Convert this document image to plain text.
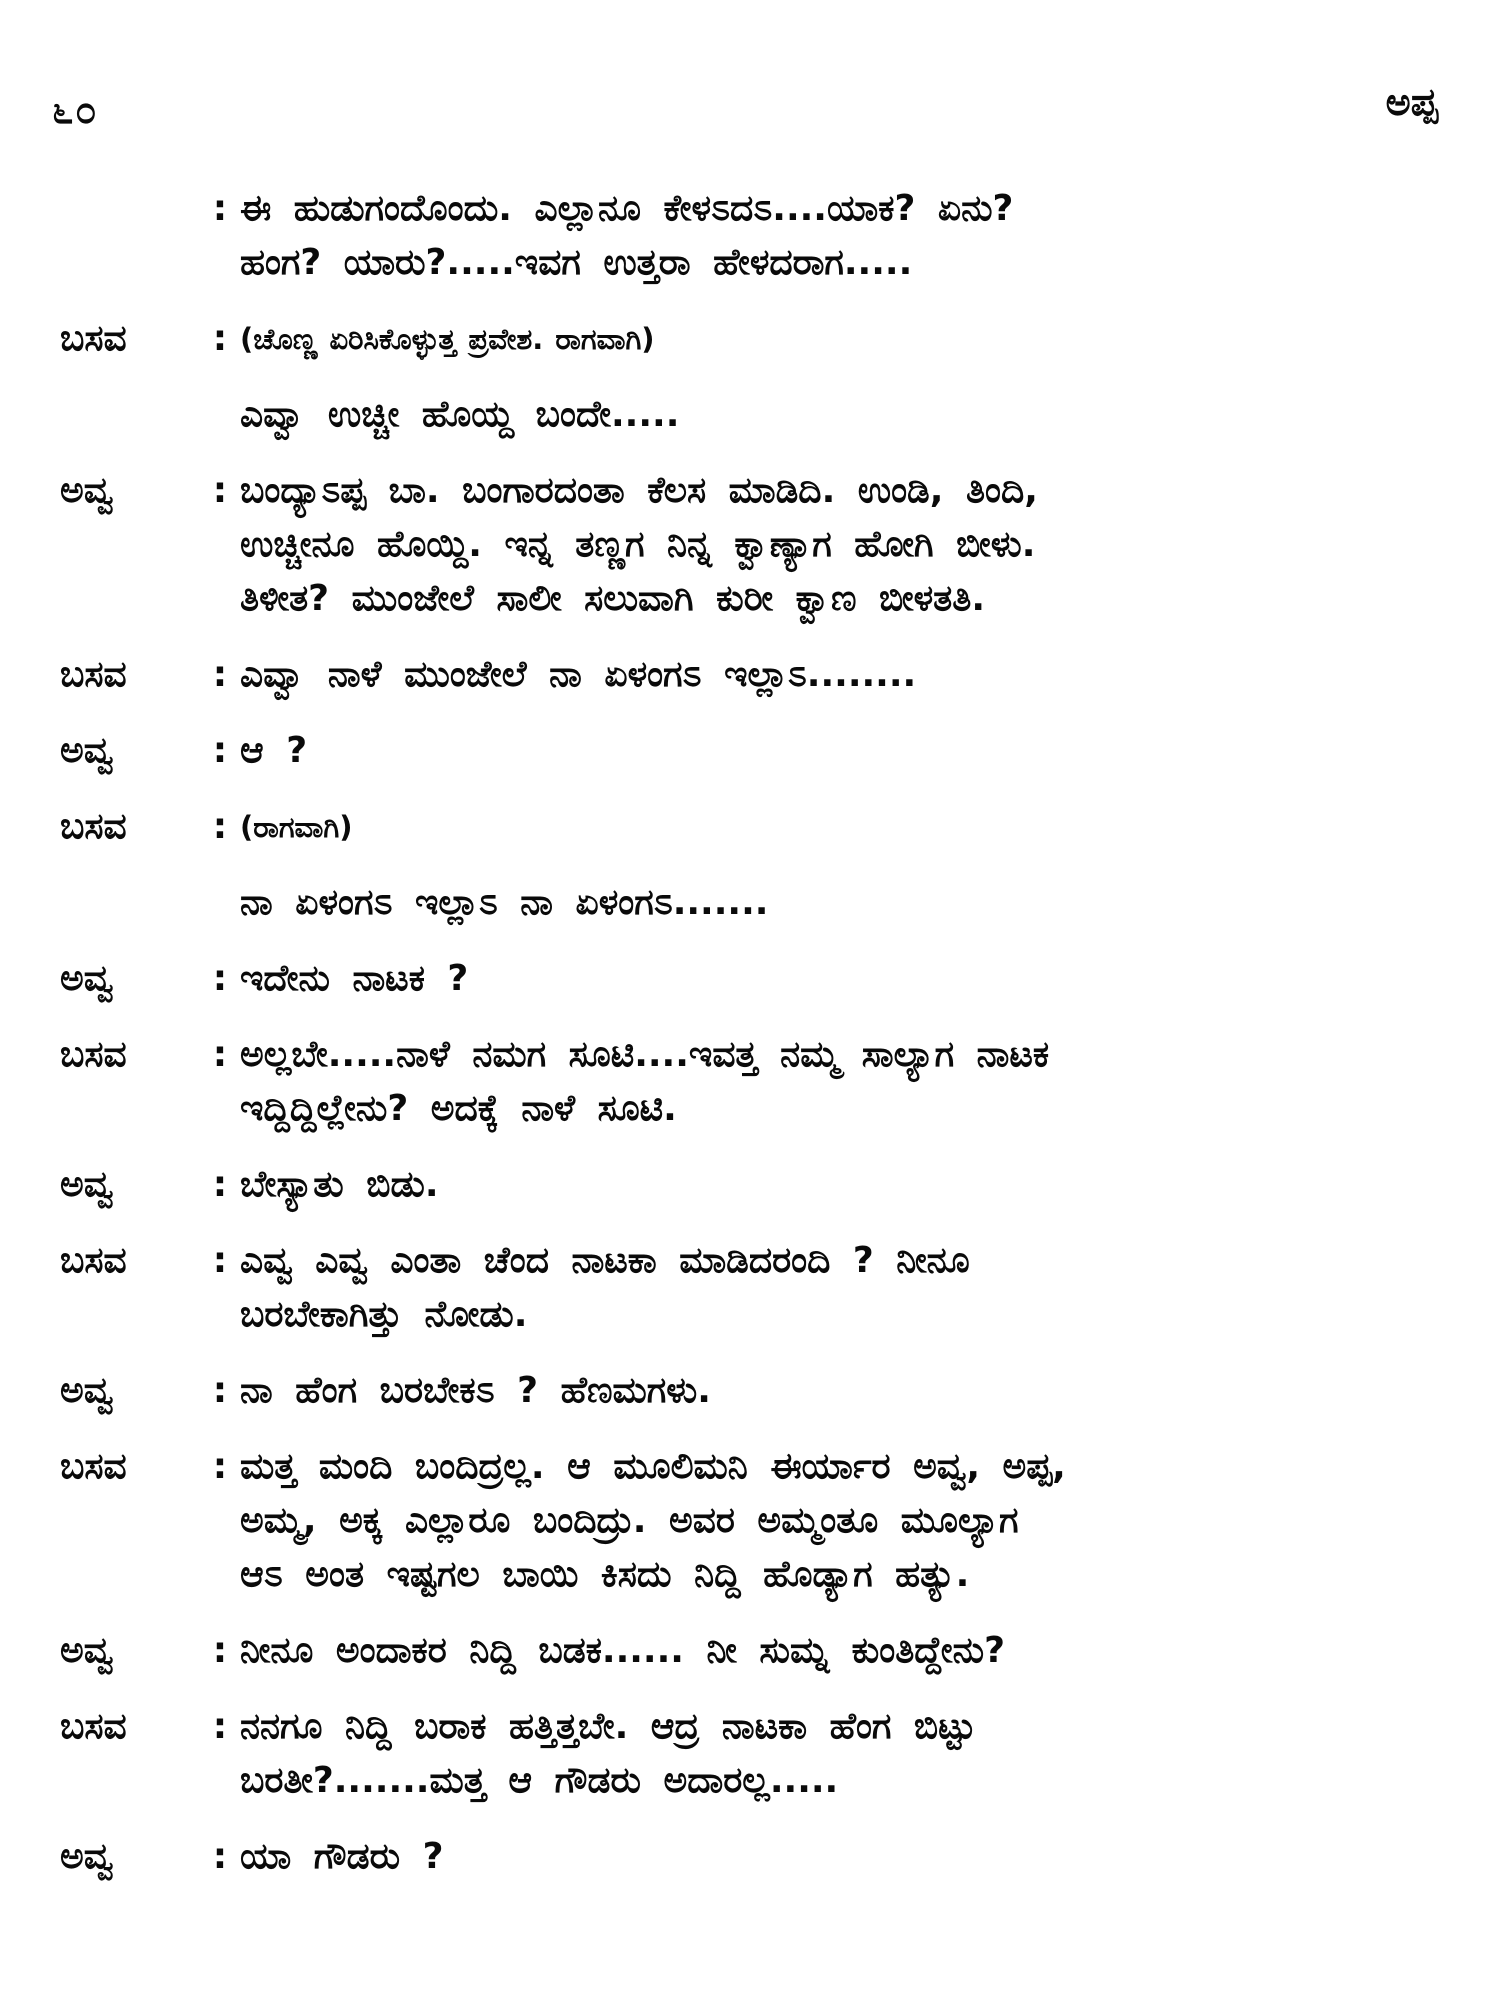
೬೦	ಅಪ್ಪ
: ಈ ಹುಡುಗಂದೊಂದು. ಎಲ್ಲಾನೂ ಕೇಳಽದಽ....ಯಾಕ? ಏನು?
ಹಂಗ? ಯಾರು?.....ಇವಗ ಉತ್ತರಾ ಹೇಳದರಾಗ.....
ಬಸವ	: (ಚೊಣ್ಣ ಏರಿಸಿಕೊಳ್ಳುತ್ತ ಪ್ರವೇಶ. ರಾಗವಾಗಿ)
ಎವ್ವಾ ಉಚ್ಚೀ ಹೊಯ್ದ ಬಂದೇ.....
ಅವ್ವ	: ಬಂದ್ಯಾಽಪ್ಪ ಬಾ. ಬಂಗಾರದಂತಾ ಕೆಲಸ ಮಾಡಿದಿ. ಉಂಡಿ, ತಿಂದಿ,
ಉಚ್ಚೀನೂ ಹೊಯ್ದಿ. ಇನ್ನ ತಣ್ಣಗ ನಿನ್ನ ಕ್ವಾಣ್ಯಾಗ ಹೋಗಿ ಬೀಳು.
ತಿಳೀತ? ಮುಂಜೇಲೆ ಸಾಲೀ ಸಲುವಾಗಿ ಕುರೀ ಕ್ವಾಣ ಬೀಳತತಿ.
ಬಸವ	: ಎವ್ವಾ ನಾಳೆ ಮುಂಜೇಲೆ ನಾ ಏಳಂಗಽ ಇಲ್ಲಾಽ........
ಅವ್ವ	: ಆ ?
ಬಸವ	: (ರಾಗವಾಗಿ)
ನಾ ಏಳಂಗಽ ಇಲ್ಲಾಽ ನಾ ಏಳಂಗಽ.......
ಅವ್ವ	: ಇದೇನು ನಾಟಕ ?
ಬಸವ	: ಅಲ್ಲಬೇ.....ನಾಳೆ ನಮಗ ಸೂಟಿ....ಇವತ್ತ ನಮ್ಮ ಸಾಲ್ಯಾಗ ನಾಟಕ
ಇದ್ದಿದ್ದಿಲ್ಲೇನು? ಅದಕ್ಕೆ ನಾಳೆ ಸೂಟಿ.
ಅವ್ವ	: ಬೇಸ್ಯಾತು ಬಿಡು.
ಬಸವ	: ಎವ್ವ ಎವ್ವ ಎಂತಾ ಚೆಂದ ನಾಟಕಾ ಮಾಡಿದರಂದಿ ? ನೀನೂ
ಬರಬೇಕಾಗಿತ್ತು ನೋಡು.
ಅವ್ವ	: ನಾ ಹೆಂಗ ಬರಬೇಕಽ ? ಹೆಣಮಗಳು.
ಬಸವ	: ಮತ್ತ ಮಂದಿ ಬಂದಿದ್ರಲ್ಲ. ಆ ಮೂಲಿಮನಿ ಈರ್ಯಾರ ಅವ್ವ, ಅಪ್ಪ,
ಅಮ್ಮ, ಅಕ್ಕ ಎಲ್ಲಾರೂ ಬಂದಿದ್ರು. ಅವರ ಅಮ್ಮಂತೂ ಮೂಲ್ಯಾಗ
ಆಽ ಅಂತ ಇಷ್ಟಗಲ ಬಾಯಿ ಕಿಸದು ನಿದ್ದಿ ಹೊಡ್ಯಾಗ ಹತ್ಯು.
ಅವ್ವ	: ನೀನೂ ಅಂದಾಕರ ನಿದ್ದಿ ಬಡಕ...... ನೀ ಸುಮ್ನ ಕುಂತಿದ್ದೇನು?
ಬಸವ	: ನನಗೂ ನಿದ್ದಿ ಬರಾಕ ಹತ್ತಿತ್ತಬೇ. ಆದ್ರ ನಾಟಕಾ ಹೆಂಗ ಬಿಟ್ಟು
ಬರತೀ?.......ಮತ್ತ ಆ ಗೌಡರು ಅದಾರಲ್ಲ.....
ಅವ್ವ	: ಯಾ ಗೌಡರು ?
